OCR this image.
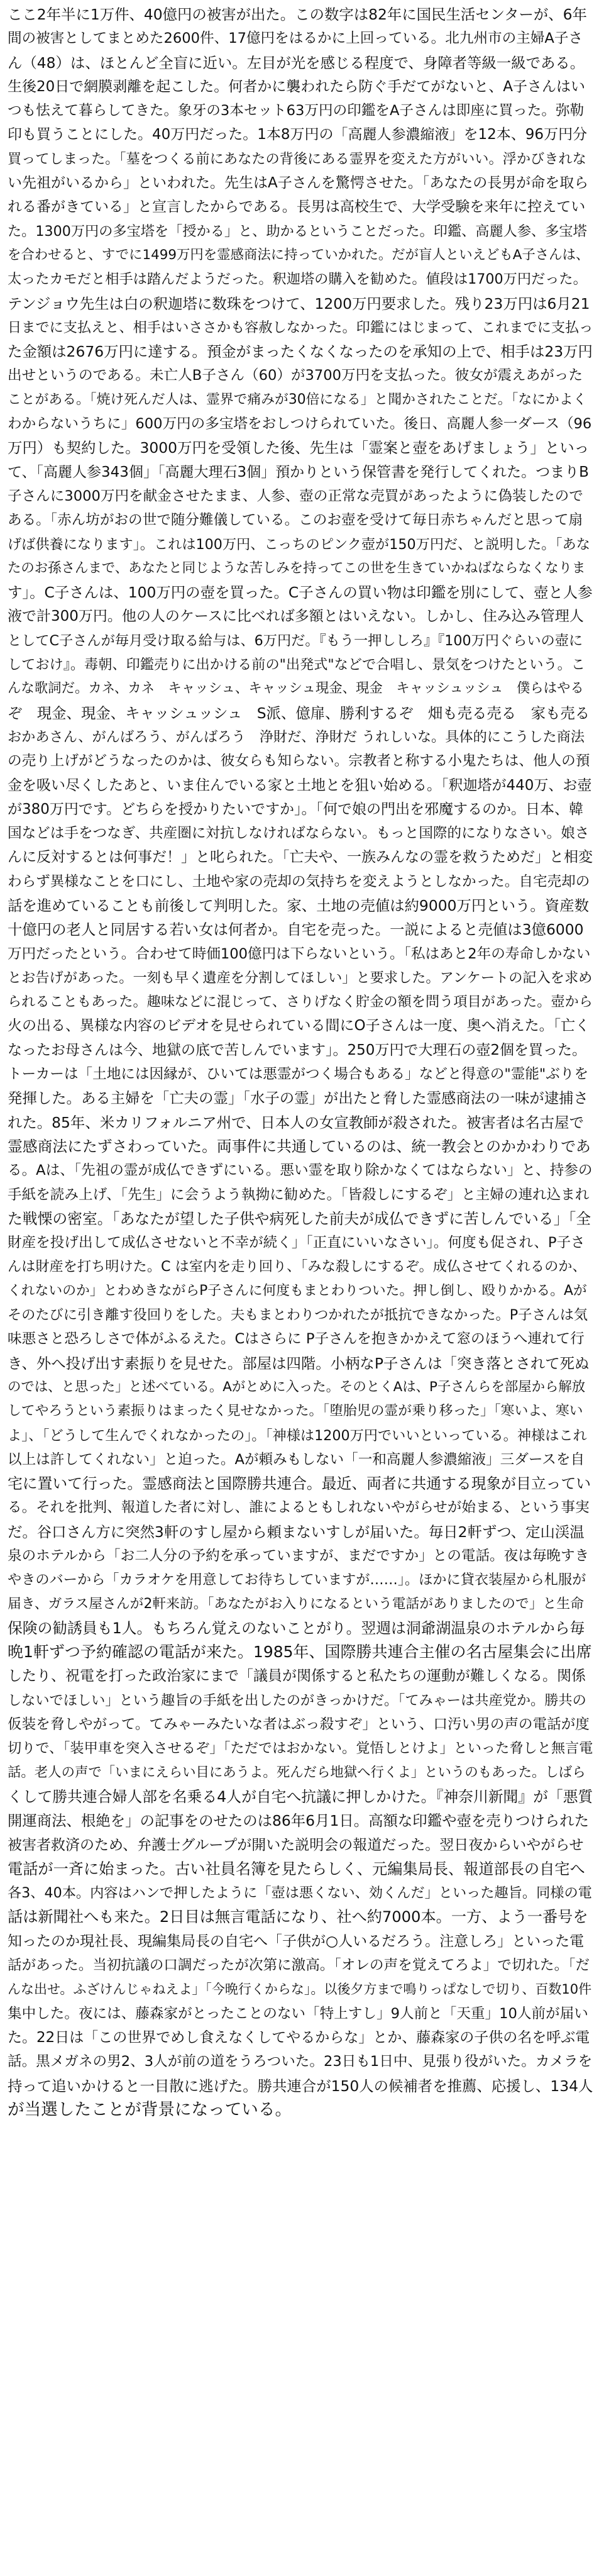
ここ2年半に1万件、40億円の被害が出た。この数字は82年に国民生活センターが、6年
間の被害としてまとめた2600件、17億円をはるかに上回っている。北九州市の主婦A子さ
ん（48）は、ほとんど全盲に近い。左目が光を感じる程度で、身障者等級一級である。
生後20日で網膜剥離を起こした。何者かに襲われたら防ぐ手だてがないと、A子さんはい
つも怯えて暮らしてきた。象牙の3本セット63万円の印鑑をA子さんは即座に買った。弥勒
印も買うことにした。40万円だった。1本8万円の「高麗人参濃縮液」を12本、96万円分
買ってしまった。「墓をつくる前にあなたの背後にある霊界を変えた方がいい。浮かびきれな
い先祖がいるから」といわれた。先生はA子さんを驚愕させた。「あなたの長男が命を取ら
れる番がきている」と宣言したからである。長男は高校生で、大学受験を来年に控えてい
た。1300万円の多宝塔を「授かる」と、助かるということだった。印鑑、高麗人参、多宝塔
を合わせると、すでに1499万円を霊感商法に持っていかれた。だが盲人といえどもA子さんは、
太ったカモだと相手は踏んだようだった。釈迦塔の購入を勧めた。値段は1700万円だった。
テンジョウ先生は白の釈迦塔に数珠をつけて、1200万円要求した。残り23万円は6月21
日までに支払えと、相手はいささかも容赦しなかった。印鑑にはじまって、これまでに支払っ
た金額は2676万円に達する。預金がまったくなくなったのを承知の上で、相手は23万円
出せというのである。未亡人B子さん（60）が3700万円を支払った。彼女が震えあがった
ことがある。「焼け死んだ人は、霊界で痛みが30倍になる」と聞かされたことだ。「なにかよく
わからないうちに」600万円の多宝塔をおしつけられていた。後日、高麗人参一ダース（96
万円）も契約した。3000万円を受領した後、先生は「霊案と壺をあげましょう」といっ
て、「高麗人参343個」「高麗大理石3個」預かりという保管書を発行してくれた。つまりB
子さんに3000万円を献金させたまま、人参、壺の正常な売買があったように偽装したので
ある。「赤ん坊がおの世で随分難儀している。このお壺を受けて毎日赤ちゃんだと思って扇
げば供養になります」。これは100万円、こっちのピンク壺が150万円だ、と説明した。「あな
たのお孫さんまで、あなたと同じような苦しみを持ってこの世を生きていかねばならなくなりま
す」。C子さんは、100万円の壺を買った。C子さんの買い物は印鑑を別にして、壺と人参
液で計300万円。他の人のケースに比べれば多額とはいえない。しかし、住み込み管理人
としてC子さんが毎月受け取る給与は、6万円だ。『もう一押ししろ』『100万円ぐらいの壺に
しておけ』。毒朝、印鑑売りに出かける前の"出発式"などで合唱し、景気をつけたという。こ
んな歌詞だ。カネ、カネ　キャッシュ、キャッシュ現金、現金　キャッシュッシュ　僕らはやる
ぞ　現金、現金、キャッシュッシュ　S派、億扉、勝利するぞ　畑も売る売る　家も売る
おかあさん、がんばろう、がんばろう　浄財だ、浄財だ うれしいな。具体的にこうした商法
の売り上げがどうなったのかは、彼女らも知らない。宗教者と称する小鬼たちは、他人の預
金を吸い尽くしたあと、いま住んでいる家と土地とを狙い始める。「釈迦塔が440万、お壺
が380万円です。どちらを授かりたいですか」。「何で娘の門出を邪魔するのか。日本、韓
国などは手をつなぎ、共産圏に対抗しなければならない。もっと国際的になりなさい。娘さ
んに反対するとは何事だ！」と叱られた。「亡夫や、一族みんなの霊を救うためだ」と相変
わらず異様なことを口にし、土地や家の売却の気持ちを変えようとしなかった。自宅売却の
話を進めていることも前後して判明した。家、土地の売値は約9000万円という。資産数
十億円の老人と同居する若い女は何者か。自宅を売った。一説によると売値は3億6000
万円だったという。合わせて時価100億円は下らないという。「私はあと2年の寿命しかない
とお告げがあった。一刻も早く遺産を分割してほしい」と要求した。アンケートの記入を求め
られることもあった。趣味などに混じって、さりげなく貯金の額を問う項目があった。壺から
火の出る、異様な内容のビデオを見せられている間にO子さんは一度、奥へ消えた。「亡く
なったお母さんは今、地獄の底で苦しんでいます」。250万円で大理石の壺2個を買った。
トーカーは「土地には因縁が、ひいては悪霊がつく場合もある」などと得意の"霊能"ぶりを
発揮した。ある主婦を「亡夫の霊」「水子の霊」が出たと脅した霊感商法の一味が逮捕さ
れた。85年、米カリフォルニア州で、日本人の女宣教師が殺された。被害者は名古屋で
霊感商法にたずさわっていた。両事件に共通しているのは、統一教会とのかかわりであ
る。Aは、「先祖の霊が成仏できずにいる。悪い霊を取り除かなくてはならない」と、持参の
手紙を読み上げ、「先生」に会うよう執拗に勧めた。「皆殺しにするぞ」と主婦の連れ込まれ
た戦慄の密室。「あなたが望した子供や病死した前夫が成仏できずに苦しんでいる」「全
財産を投げ出して成仏させないと不幸が続く」「正直にいいなさい」。何度も促され、P子さ
んは財産を打ち明けた。C は室内を走り回り、「みな殺しにするぞ。成仏させてくれるのか、
くれないのか」とわめきながらP子さんに何度もまとわりついた。押し倒し、殴りかかる。Aが
そのたびに引き離す役回りをした。夫もまとわりつかれたが抵抗できなかった。P子さんは気
味悪さと恐ろしさで体がふるえた。Cはさらに P子さんを抱きかかえて窓のほうへ連れて行
き、外へ投げ出す素振りを見せた。部屋は四階。小柄なP子さんは「突き落とされて死ぬ
のでは、と思った」と述べている。Aがとめに入った。そのとくAは、P子さんらを部屋から解放
してやろうという素振りはまったく見せなかった。「堕胎児の霊が乗り移った」「寒いよ、寒い
よ」、「どうして生んでくれなかったの」。「神様は1200万円でいいといっている。神様はこれ
以上は許してくれない」と迫った。Aが頼みもしない「一和高麗人参濃縮液」三ダースを自
宅に置いて行った。霊感商法と国際勝共連合。最近、両者に共通する現象が目立ってい
る。それを批判、報道した者に対し、誰によるともしれないやがらせが始まる、という事実
だ。谷口さん方に突然3軒のすし屋から頼まないすしが届いた。毎日2軒ずつ、定山渓温
泉のホテルから「お二人分の予約を承っていますが、まだですか」との電話。夜は毎晩すき
やきのバーから「カラオケを用意してお待ちしていますが……」。ほかに貸衣装屋から札服が
届き、ガラス屋さんが2軒来訪。「あなたがお入りになるという電話がありましたので」と生命
保険の勧誘員も1人。もちろん覚えのないことがり。翌週は洞爺湖温泉のホテルから毎
晩1軒ずつ予約確認の電話が来た。1985年、国際勝共連合主催の名古屋集会に出席
したり、祝電を打った政治家にまで「議員が関係すると私たちの運動が難しくなる。関係
しないでほしい」という趣旨の手紙を出したのがきっかけだ。「てみゃーは共産党か。勝共の
仮装を脅しやがって。てみゃーみたいな者はぶっ殺すぞ」という、口汚い男の声の電話が度
切りで、「装甲車を突入させるぞ」「ただではおかない。覚悟しとけよ」といった脅しと無言電
話。老人の声で「いまにえらい目にあうよ。死んだら地獄へ行くよ」というのもあった。しばら
くして勝共連合婦人部を名乗る4人が自宅へ抗議に押しかけた。『神奈川新聞』が「悪質
開運商法、根絶を」の記事をのせたのは86年6月1日。高額な印鑑や壺を売りつけられた
被害者救済のため、弁護士グループが開いた説明会の報道だった。翌日夜からいやがらせ
電話が一斉に始まった。古い社員名簿を見たらしく、元編集局長、報道部長の自宅へ
各3、40本。内容はハンで押したように「壺は悪くない、効くんだ」といった趣旨。同様の電
話は新聞社へも来た。2日目は無言電話になり、社へ約7000本。一方、よう一番号を
知ったのか現社長、現編集局長の自宅へ「子供が○人いるだろう。注意しろ」といった電
話があった。当初抗議の口調だったが次第に激高。「オレの声を覚えてろよ」で切れた。「だ
んな出せ。ふざけんじゃねえよ」「今晩行くからな」。以後夕方まで鳴りっぱなしで切り、百数10件
集中した。夜には、藤森家がとったことのない「特上すし」9人前と「天重」10人前が届い
た。22日は「この世界でめし食えなくしてやるからな」とか、藤森家の子供の名を呼ぶ電
話。黒メガネの男2、3人が前の道をうろついた。23日も1日中、見張り役がいた。カメラを
持って追いかけると一目散に逃げた。勝共連合が150人の候補者を推薦、応援し、134人
が当選したことが背景になっている。
